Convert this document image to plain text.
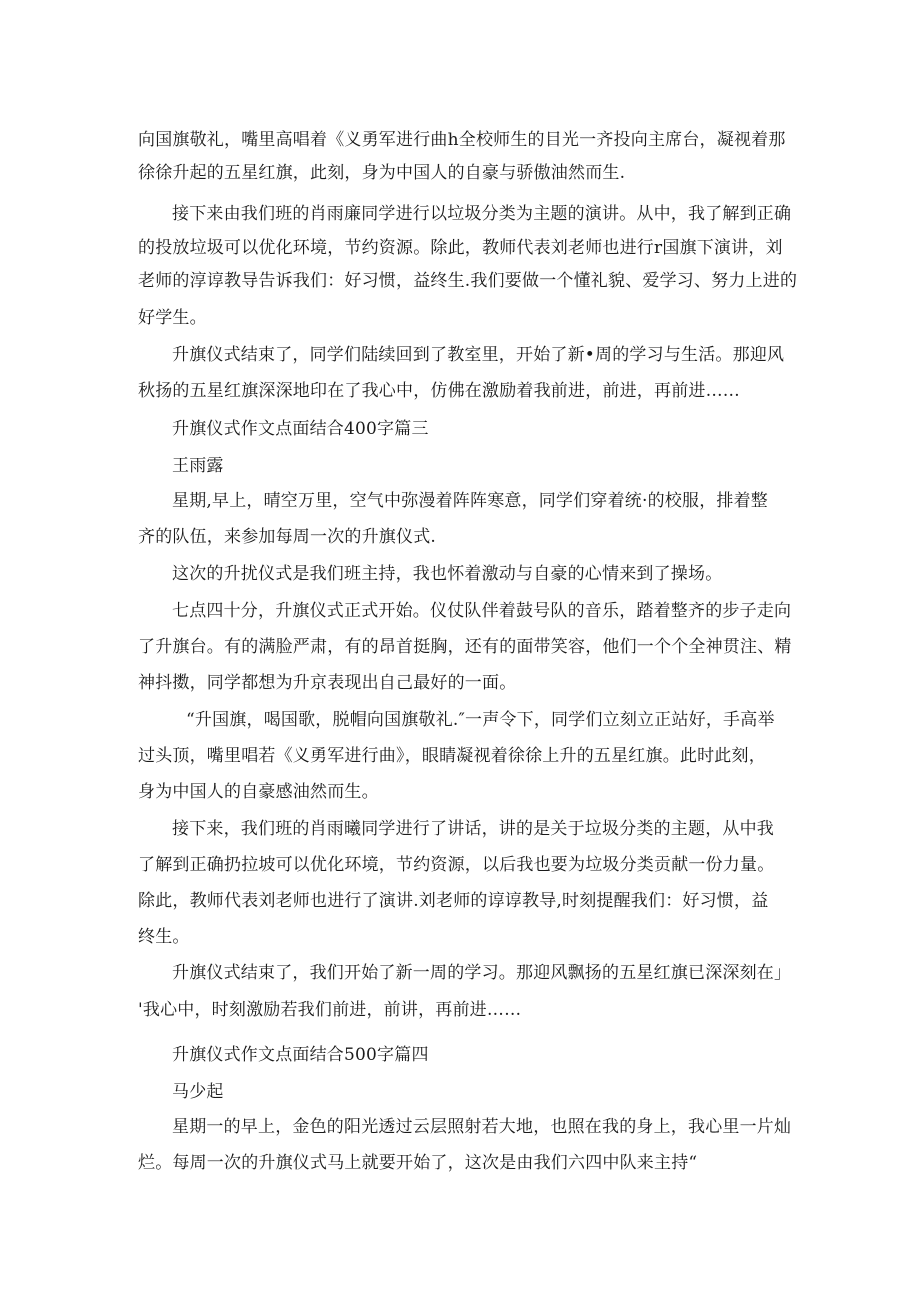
向国旗敬礼，嘴里高唱着《义勇军进行曲h全校师生的目光一齐投向主席台，凝视着那
徐徐升起的五星红旗，此刻，身为中国人的自豪与骄傲油然而生.
接下来由我们班的肖雨廉同学进行以垃圾分类为主题的演讲。从中，我了解到正确
的投放垃圾可以优化环境，节约资源。除此，教师代表刘老师也进行r国旗下演讲，刘
老师的淳谆教导告诉我们：好习惯，益终生.我们要做一个懂礼貌、爱学习、努力上进的
好学生。
升旗仪式结束了，同学们陆续回到了教室里，开始了新•周的学习与生活。那迎风
秋扬的五星红旗深深地印在了我心中，仿佛在激励着我前进，前进，再前进……
升旗仪式作文点面结合400字篇三
王雨露
星期,早上，晴空万里，空气中弥漫着阵阵寒意，同学们穿着统·的校服，排着整
齐的队伍，来参加每周一次的升旗仪式.
这次的升扰仪式是我们班主持，我也怀着激动与自豪的心情来到了操场。
七点四十分，升旗仪式正式开始。仪仗队伴着鼓号队的音乐，踏着整齐的步子走向
了升旗台。有的满脸严肃，有的昂首挺胸，还有的面带笑容，他们一个个全神贯注、精
神抖擞，同学都想为升京表现出自己最好的一面。
“升国旗，喝国歌，脱帽向国旗敬礼.″一声令下，同学们立刻立正站好，手高举
过头顶，嘴里唱若《义勇军进行曲》，眼睛凝视着徐徐上升的五星红旗。此时此刻，
身为中国人的自豪感油然而生。
接下来，我们班的肖雨曦同学进行了讲话，讲的是关于垃圾分类的主题，从中我
了解到正确扔拉坡可以优化环境，节约资源，以后我也要为垃圾分类贡献一份力量。
除此，教师代表刘老师也进行了演讲.刘老师的谆谆教导,时刻提醒我们：好习惯，益
终生。
升旗仪式结束了，我们开始了新一周的学习。那迎风飘扬的五星红旗已深深刻在」
'我心中，时刻激励若我们前进，前讲，再前进……
升旗仪式作文点面结合500字篇四
马少起
星期一的早上，金色的阳光透过云层照射若大地，也照在我的身上，我心里一片灿
烂。每周一次的升旗仪式马上就要开始了，这次是由我们六四中队来主持“
